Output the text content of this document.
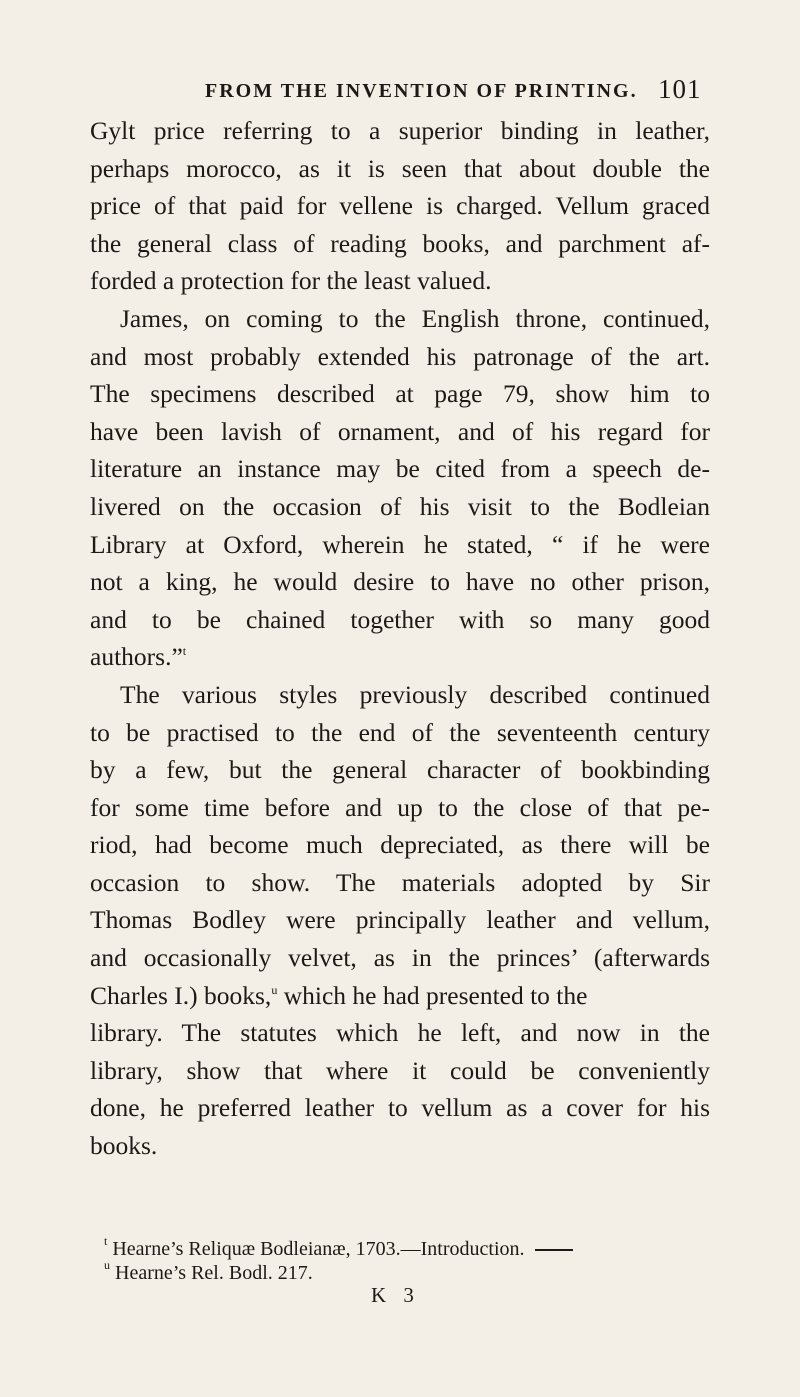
FROM THE INVENTION OF PRINTING. 101
Gylt price referring to a superior binding in leather,
perhaps morocco, as it is seen that about double the
price of that paid for vellene is charged. Vellum graced
the general class of reading books, and parchment af-
forded a protection for the least valued.
James, on coming to the English throne, continued,
and most probably extended his patronage of the art.
The specimens described at page 79, show him to
have been lavish of ornament, and of his regard for
literature an instance may be cited from a speech de-
livered on the occasion of his visit to the Bodleian
Library at Oxford, wherein he stated, “ if he were
not a king, he would desire to have no other prison,
and to be chained together with so many good
authors.”$^t$
The various styles previously described continued
to be practised to the end of the seventeenth century
by a few, but the general character of bookbinding
for some time before and up to the close of that pe-
riod, had become much depreciated, as there will be
occasion to show. The materials adopted by Sir
Thomas Bodley were principally leather and vellum,
and occasionally velvet, as in the princes’ (afterwards
Charles I.) books,$^u$ which he had presented to the
library. The statutes which he left, and now in the
library, show that where it could be conveniently
done, he preferred leather to vellum as a cover for his
books.
$^t$ Hearne’s Reliquæ Bodleianæ, 1703.—Introduction.
$^u$ Hearne’s Rel. Bodl. 217.
K 3
